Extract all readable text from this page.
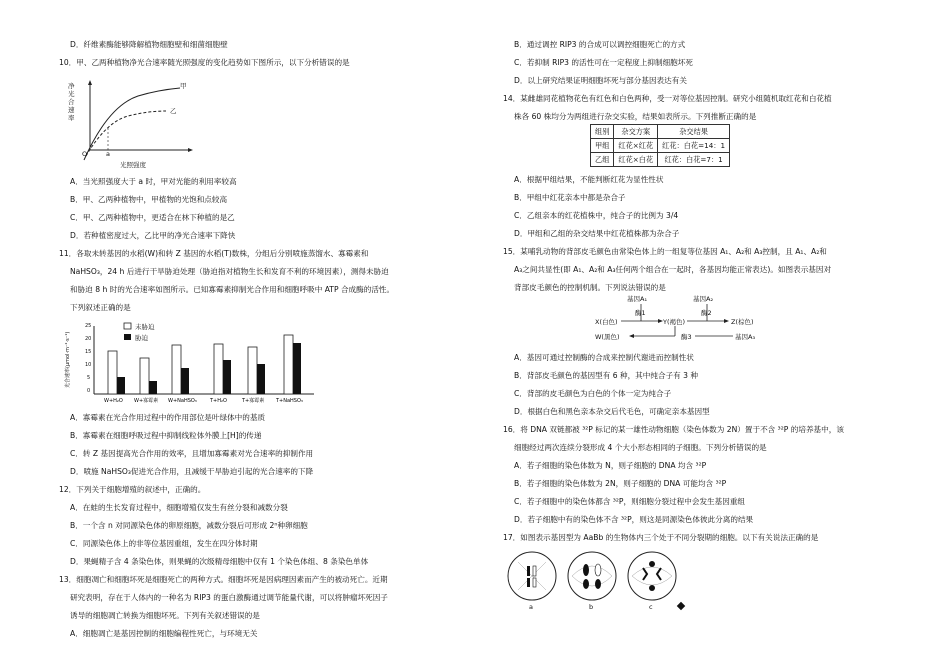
D．纤维素酶能够降解植物细胞壁和细菌细胞壁
10．甲、乙两种植物净光合速率随光照强度的变化趋势如下图所示，以下分析错误的是
净光合速率
甲
乙
O	a
光照强度
A．当光照强度大于 a 时，甲对光能的利用率较高
B．甲、乙两种植物中，甲植物的光饱和点较高
C．甲、乙两种植物中，更适合在林下种植的是乙
D．若种植密度过大，乙比甲的净光合速率下降快
11．各取未转基因的水稻(W)和转 Z 基因的水稻(T)数株，分组后分别喷施蒸馏水、寡霉素和
NaHSO₃，24 h 后进行干旱胁迫处理（胁迫指对植物生长和发育不利的环境因素），测得未胁迫
和胁迫 8 h 时的光合速率如图所示。已知寡霉素抑制光合作用和细胞呼吸中 ATP 合成酶的活性。
下列叙述正确的是
W+H₂O W+寡霉素 W+NaHSO₃	T+H₂O	T+寡霉素 T+NaHSO₃
未胁迫
胁迫
光合速率(μmol·m⁻²·s⁻¹)
25
20
15
10
5
0
A．寡霉素在光合作用过程中的作用部位是叶绿体中的基质
B．寡霉素在细胞呼吸过程中抑制线粒体外膜上[H]的传递
C．转 Z 基因提高光合作用的效率，且增加寡霉素对光合速率的抑制作用
D．喷施 NaHSO₃促进光合作用，且减缓干旱胁迫引起的光合速率的下降
12．下列关于细胞增殖的叙述中，正确的。
A．在蛙的生长发育过程中，细胞增殖仅发生有丝分裂和减数分裂
B．一个含 n 对同源染色体的卵原细胞，减数分裂后可形成 2ⁿ种卵细胞
C．同源染色体上的非等位基因重组，发生在四分体时期
D．果蝇精子含 4 条染色体，则果蝇的次级精母细胞中仅有 1 个染色体组、8 条染色单体
13．细胞凋亡和细胞坏死是细胞死亡的两种方式。细胞坏死是因病理因素而产生的被动死亡。近期
研究表明，存在于人体内的一种名为 RIP3 的蛋白激酶通过调节能量代谢，可以将肿瘤坏死因子
诱导的细胞凋亡转换为细胞坏死。下列有关叙述错误的是
A．细胞凋亡是基因控制的细胞编程性死亡，与环境无关
B．通过调控 RIP3 的合成可以调控细胞死亡的方式
C．若抑制 RIP3 的活性可在一定程度上抑制细胞坏死
D．以上研究结果证明细胞坏死与部分基因表达有关
14．某雌雄同花植物花色有红色和白色两种，受一对等位基因控制。研究小组随机取红花和白花植
株各 60 株均分为两组进行杂交实验，结果如表所示。下列推断正确的是
组别	杂交方案	杂交结果
甲组	红花×红花	红花：白花=14：1
乙组	红花×白花	红花：白花=7：1
A．根据甲组结果，不能判断红花为显性性状
B．甲组中红花亲本中都是杂合子
C．乙组亲本的红花植株中，纯合子的比例为 3/4
D．甲组和乙组的杂交结果中红花植株都为杂合子
15．某哺乳动物的背部皮毛颜色由常染色体上的一组复等位基因 A₁、A₂和 A₃控制，且 A₁、A₂和
A₃之间共显性(即 A₁、A₂和 A₃任何两个组合在一起时，各基因均能正常表达)。如图表示基因对
背部皮毛颜色的控制机制。下列说法错误的是
基因A₁	基因A₂
酶1	酶2
X(白色)	Y(褐色)	Z(棕色)
W(黑色)	酶3	基因A₃
A．基因可通过控制酶的合成来控制代谢进而控制性状
B．背部皮毛颜色的基因型有 6 种，其中纯合子有 3 种
C．背部的皮毛颜色为白色的个体一定为纯合子
D．根据白色和黑色亲本杂交后代毛色，可确定亲本基因型
16．将 DNA 双链都被 ³²P 标记的某一雄性动物细胞（染色体数为 2N）置于不含 ³²P 的培养基中，该
细胞经过两次连续分裂形成 4 个大小形态相同的子细胞。下列分析错误的是
A．若子细胞的染色体数为 N，则子细胞的 DNA 均含 ³²P
B．若子细胞的染色体数为 2N，则子细胞的 DNA 可能均含 ³²P
C．若子细胞中的染色体都含 ³²P，则细胞分裂过程中会发生基因重组
D．若子细胞中有的染色体不含 ³²P，则这是同源染色体彼此分离的结果
17．如图表示基因型为 AaBb 的生物体内三个处于不同分裂期的细胞。以下有关说法正确的是
a	b	c
